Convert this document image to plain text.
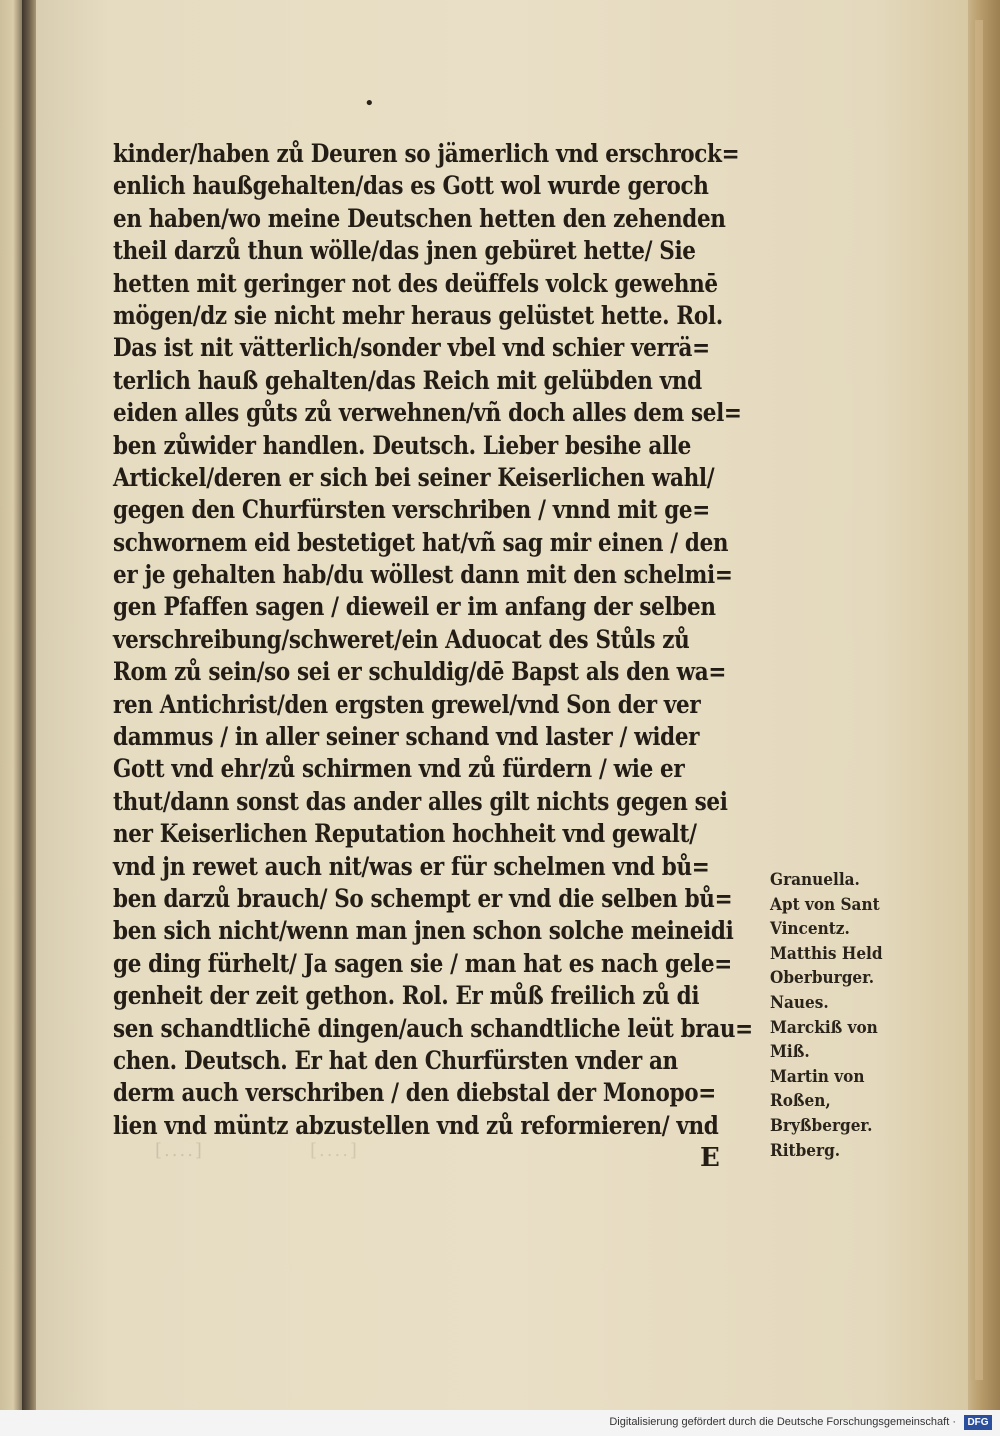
•
kinder/haben zů Deuren so jämerlich vnd erschrock=
enlich haußgehalten/das es Gott wol wurde geroch
en haben/wo meine Deutschen hetten den zehenden
theil darzů thun wölle/das jnen gebüret hette/ Sie
hetten mit geringer not des deüffels volck gewehnē
mögen/dz sie nicht mehr heraus gelüstet hette. Rol.
Das ist nit vätterlich/sonder vbel vnd schier verrä=
terlich hauß gehalten/das Reich mit gelübden vnd
eiden alles gůts zů verwehnen/vñ doch alles dem sel=
ben zůwider handlen. Deutsch. Lieber besihe alle
Artickel/deren er sich bei seiner Keiserlichen wahl/
gegen den Churfürsten verschriben / vnnd mit ge=
schwornem eid bestetiget hat/vñ sag mir einen / den
er je gehalten hab/du wöllest dann mit den schelmi=
gen Pfaffen sagen / dieweil er im anfang der selben
verschreibung/schweret/ein Aduocat des Stůls zů
Rom zů sein/so sei er schuldig/dē Bapst als den wa=
ren Antichrist/den ergsten grewel/vnd Son der ver
dammus / in aller seiner schand vnd laster / wider
Gott vnd ehr/zů schirmen vnd zů fürdern / wie er
thut/dann sonst das ander alles gilt nichts gegen sei
ner Keiserlichen Reputation hochheit vnd gewalt/
vnd jn rewet auch nit/was er für schelmen vnd bů=
ben darzů brauch/ So schempt er vnd die selben bů=
ben sich nicht/wenn man jnen schon solche meineidi
ge ding fürhelt/ Ja sagen sie / man hat es nach gele=
genheit der zeit gethon. Rol. Er můß freilich zů di
sen schandtlichē dingen/auch schandtliche leüt brau=
chen. Deutsch. Er hat den Churfürsten vnder an
derm auch verschriben / den diebstal der Monopo=
lien vnd müntz abzustellen vnd zů reformieren/ vnd
[....]	[....]	E
Granuella.
Apt von Sant
Vincentz.
Matthis Held
Oberburger.
Naues.
Marckiß von
Miß.
Martin von
Roßen,
Bryßberger.
Ritberg.
Digitalisierung gefördert durch die Deutsche Forschungsgemeinschaft ·	DFG
